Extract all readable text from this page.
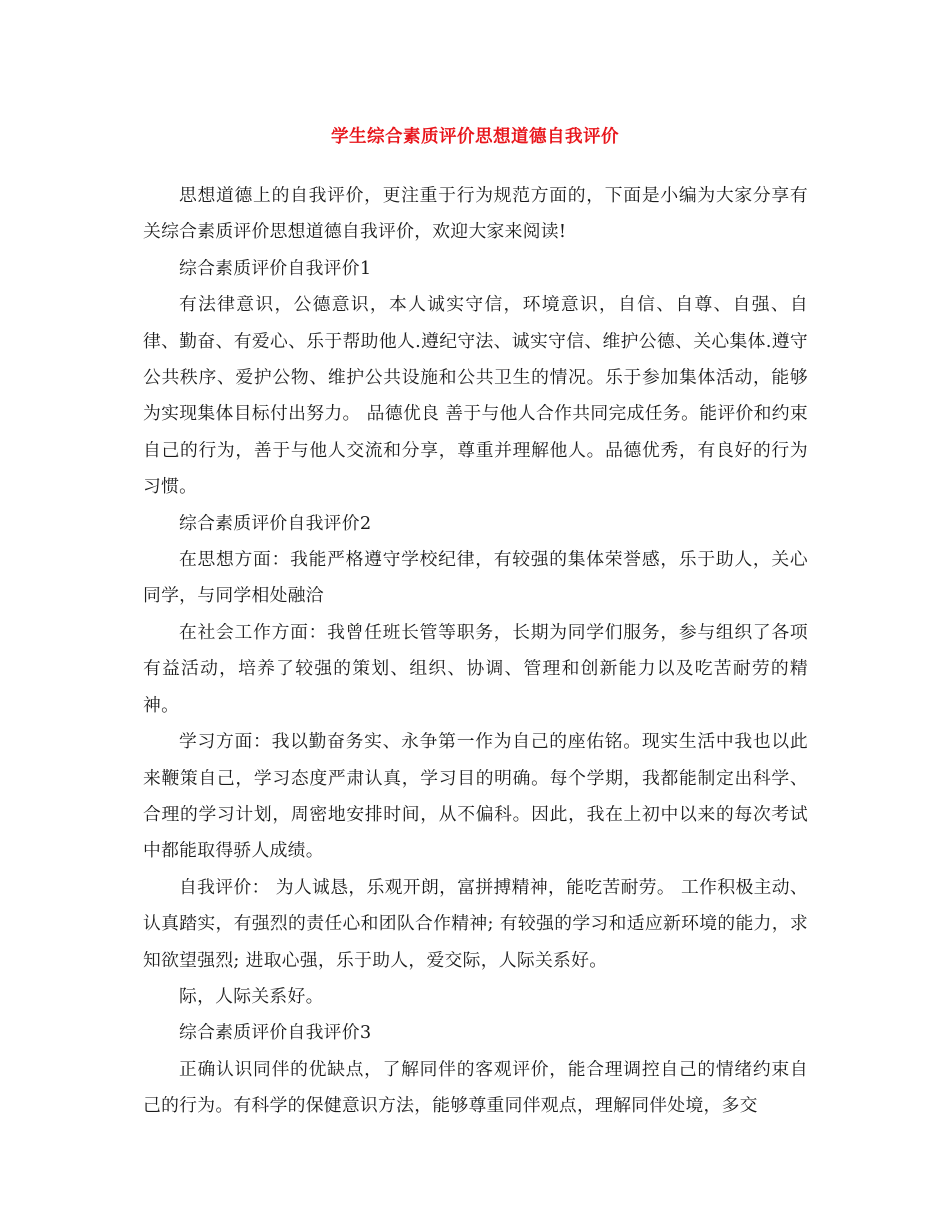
学生综合素质评价思想道德自我评价

思想道德上的自我评价，更注重于行为规范方面的，下面是小编为大家分享有关综合素质评价思想道德自我评价，欢迎大家来阅读!

综合素质评价自我评价1

有法律意识，公德意识，本人诚实守信，环境意识，自信、自尊、自强、自律、勤奋、有爱心、乐于帮助他人.遵纪守法、诚实守信、维护公德、关心集体.遵守公共秩序、爱护公物、维护公共设施和公共卫生的情况。乐于参加集体活动，能够为实现集体目标付出努力。 品德优良 善于与他人合作共同完成任务。能评价和约束自己的行为，善于与他人交流和分享，尊重并理解他人。品德优秀，有良好的行为习惯。

综合素质评价自我评价2

在思想方面：我能严格遵守学校纪律，有较强的集体荣誉感，乐于助人，关心同学，与同学相处融洽

在社会工作方面：我曾任班长管等职务，长期为同学们服务，参与组织了各项有益活动，培养了较强的策划、组织、协调、管理和创新能力以及吃苦耐劳的精神。

学习方面：我以勤奋务实、永争第一作为自己的座佑铭。现实生活中我也以此来鞭策自己，学习态度严肃认真，学习目的明确。每个学期，我都能制定出科学、合理的学习计划，周密地安排时间，从不偏科。因此，我在上初中以来的每次考试中都能取得骄人成绩。

自我评价： 为人诚恳，乐观开朗，富拼搏精神，能吃苦耐劳。 工作积极主动、认真踏实，有强烈的责任心和团队合作精神; 有较强的学习和适应新环境的能力，求知欲望强烈; 进取心强，乐于助人，爱交际，人际关系好。

际，人际关系好。

综合素质评价自我评价3

正确认识同伴的优缺点，了解同伴的客观评价，能合理调控自己的情绪约束自己的行为。有科学的保健意识方法，能够尊重同伴观点，理解同伴处境，多交
